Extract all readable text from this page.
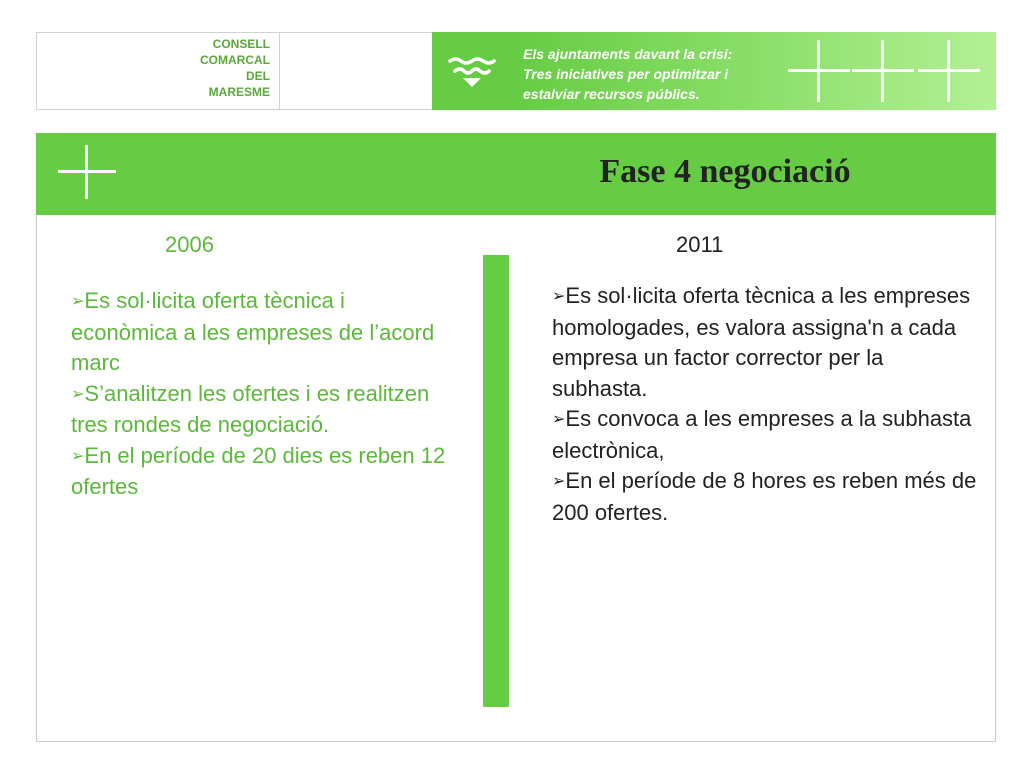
CONSELL
COMARCAL
DEL
MARESME
Els ajuntaments davant la crisi:
Tres iniciatives per optimitzar i
estalviar recursos públics.
Fase 4 negociació
2006	2011

➢Es sol·licita oferta tècnica i econòmica a les empreses de l’acord marc

➢S’analitzen les ofertes i es realitzen tres rondes de negociació.

➢En el període de 20 dies es reben 12 ofertes

➢Es sol·licita oferta tècnica a les empreses homologades, es valora assigna'n a cada empresa un factor corrector per la subhasta.

➢Es convoca a les empreses a la subhasta electrònica,

➢En el període de 8 hores es reben més de 200 ofertes.
